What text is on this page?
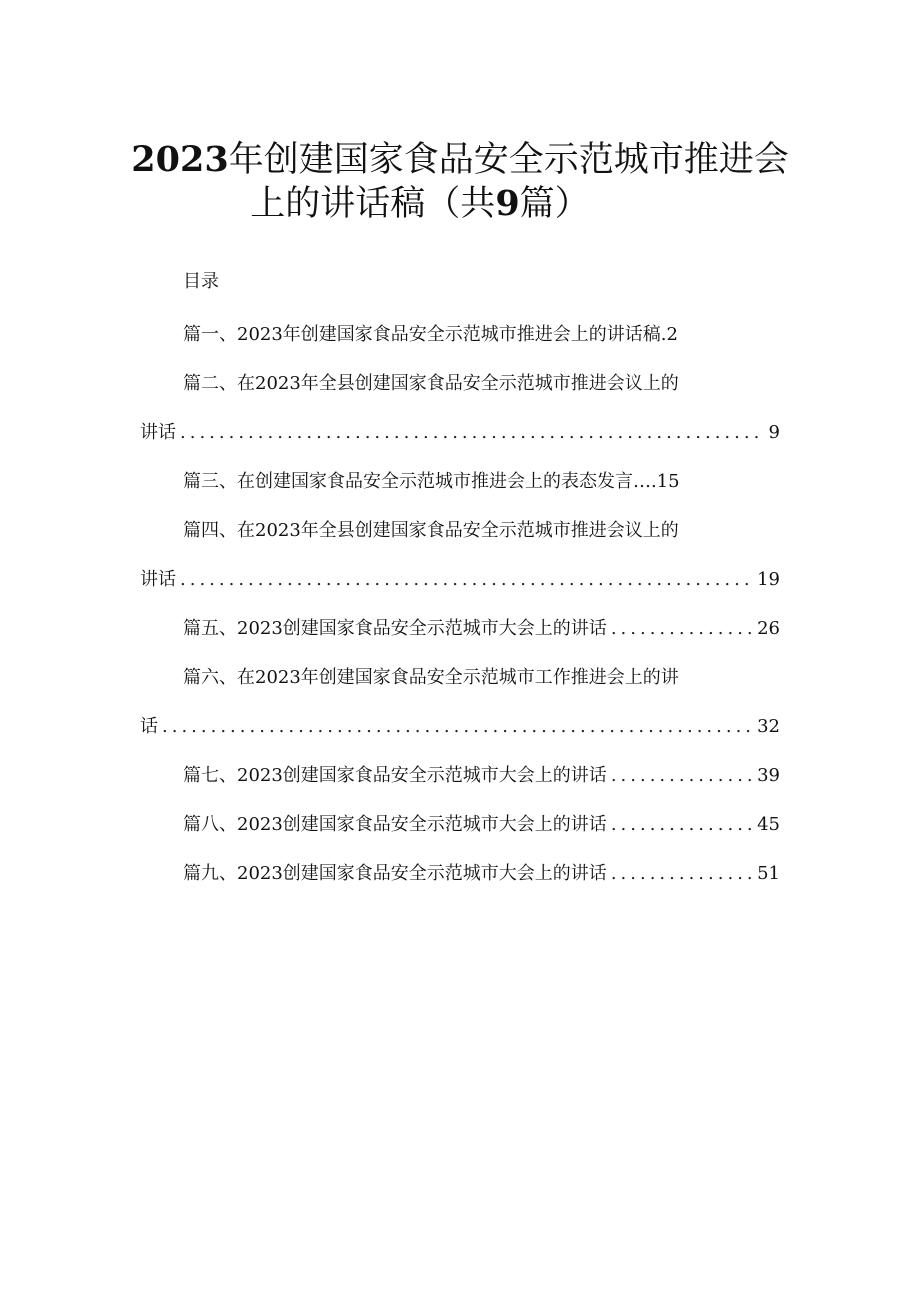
2023年创建国家食品安全示范城市推进会
上的讲话稿（共9篇）

目录

篇一、2023年创建国家食品安全示范城市推进会上的讲话稿. 2

篇二、在2023年全县创建国家食品安全示范城市推进会议上的

讲话 .....	9
篇三、在创建国家食品安全示范城市推进会上的表态发言… .15

篇四、在2023年全县创建国家食品安全示范城市推进会议上的

讲话 .....	19
篇五、2023创建国家食品安全示范城市大会上的讲话 .....	26

篇六、在2023年创建国家食品安全示范城市工作推进会上的讲

话 .....	32
篇七、2023创建国家食品安全示范城市大会上的讲话 .....	39
篇八、2023创建国家食品安全示范城市大会上的讲话 .....	45
篇九、2023创建国家食品安全示范城市大会上的讲话 .....	51
